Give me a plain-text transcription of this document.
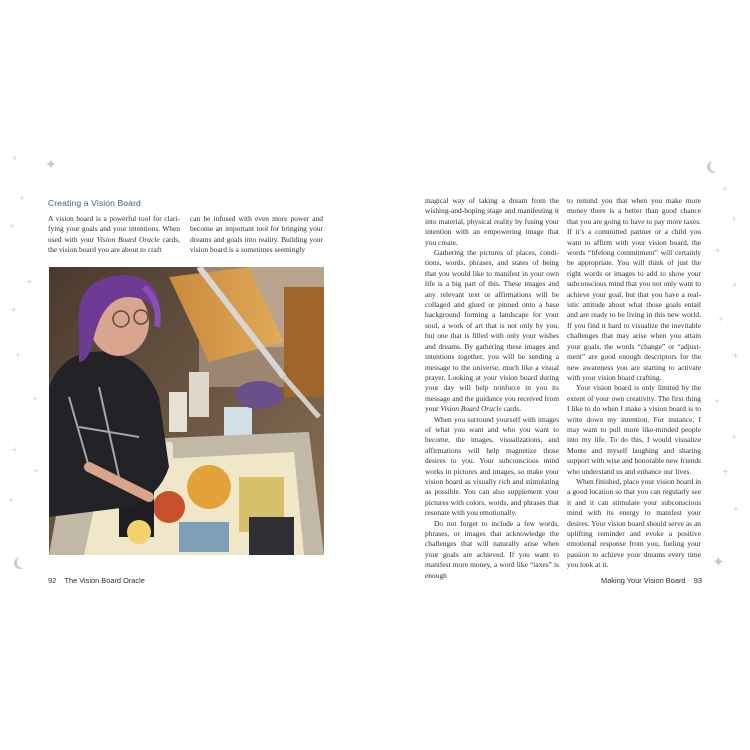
✦
+
+
+
+
+
+
+
+
+
+
+
+
+
+
+
+
+
+
+
+
✦
Creating a Vision Board

A vision board is a powerful tool for clarifying your goals and your intentions. When used with your Vision Board Oracle cards, the vision board you are about to craft

can be infused with even more power and become an important tool for bringing your dreams and goals into reality. Building your vision board is a sometimes seemingly

92 The Vision Board Oracle

magical way of taking a dream from the wishing-and-hoping stage and manifesting it into material, physical reality by fusing your intention with an empowering image that you create.

Gathering the pictures of places, conditions, words, phrases, and states of being that you would like to manifest in your own life is a big part of this. These images and any relevant text or affirmations will be collaged and glued or pinned onto a base background forming a landscape for your soul, a work of art that is not only by you, but one that is filled with only your wishes and dreams. By gathering these images and intentions together, you will be sending a message to the universe, much like a visual prayer. Looking at your vision board during your day will help reinforce in you its message and the guidance you received from your Vision Board Oracle cards.

When you surround yourself with images of what you want and who you want to become, the images, visualizations, and affirmations will help magnetize those desires to you. Your subconscious mind works in pictures and images, so make your vision board as visually rich and stimulating as possible. You can also supplement your pictures with colors, words, and phrases that resonate with you emotionally.

Do not forget to include a few words, phrases, or images that acknowledge the challenges that will naturally arise when your goals are achieved. If you want to manifest more money, a word like “taxes” is enough

to remind you that when you make more money there is a better than good chance that you are going to have to pay more taxes. If it’s a committed partner or a child you want to affirm with your vision board, the words “lifelong commitment” will certainly be appropriate. You will think of just the right words or images to add to show your subconscious mind that you not only want to achieve your goal, but that you have a realistic attitude about what those goals entail and are ready to be living in this new world. If you find it hard to visualize the inevitable challenges that may arise when you attain your goals, the words “change” or “adjustment” are good enough descriptors for the new awareness you are starting to activate with your vision board crafting.

Your vision board is only limited by the extent of your own creativity. The first thing I like to do when I make a vision board is to write down my intention. For instance, I may want to pull more like-minded people into my life. To do this, I would visualize Monte and myself laughing and sharing support with wise and honorable new friends who understand us and enhance our lives.

When finished, place your vision board in a good location so that you can regularly see it and it can stimulate your subconscious mind with its energy to manifest your desires. Your vision board should serve as an uplifting reminder and evoke a positive emotional response from you, fueling your passion to achieve your dreams every time you look at it.

Making Your Vision Board 93
